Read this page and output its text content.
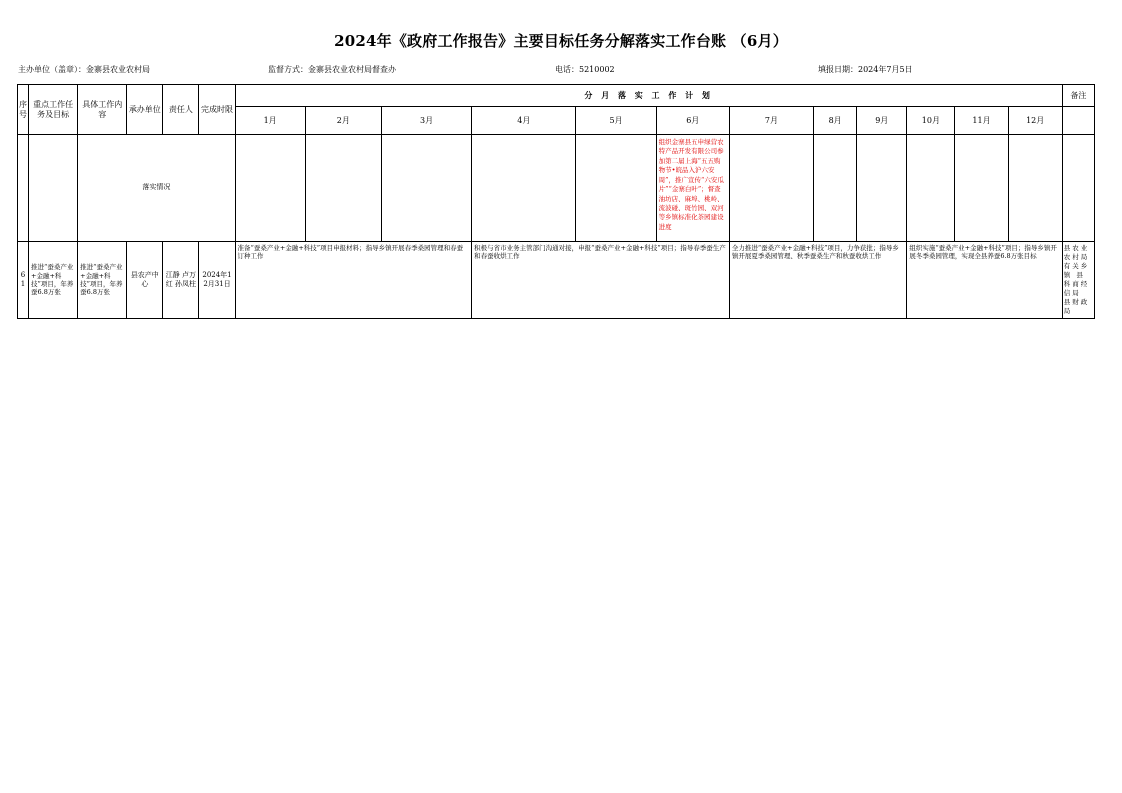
2024年《政府工作报告》主要目标任务分解落实工作台账 （6月）
主办单位（盖章）：金寨县农业农村局	监督方式：金寨县农业农村局督查办	电话：5210002	填报日期：2024年7月5日
序号	重点工作任务及目标	具体工作内容	承办单位	责任人	完成时限	分 月 落 实 工 作 计 划												备注
						1月	2月	3月	4月	5月	6月	7月	8月	9月	10月	11月	12月	
		落实情况									组织金寨县五申绿营农特产品开发有限公司参加第二届上海“五五购物节•皖品入沪六安周”，推广宣传“六安瓜片”“金寨白叶”；督查油坊店、麻埠、桃岭、流波碰、斑竹园、双河等乡镇标准化茶园建设进度							
61	推进“蚕桑产业+金融+科技”项目，年养蚕6.8万张	推进“蚕桑产业+金融+科技”项目，年养蚕6.8万张	县农产中心	江静 卢万红 孙凤柱	2024年12月31日	准备“蚕桑产业+金融+科技”项目申报材料；指导乡镇开展春季桑园管理和春蚕订种工作			积极与省市业务主管部门沟通对接，申报“蚕桑产业+金融+科技”项目；指导春季蚕生产和春蚕收烘工作			全力推进“蚕桑产业+金融+科技”项目，力争获批；指导乡镇开展夏季桑园管理、秋季蚕桑生产和秋蚕收烘工作			组织实施“蚕桑产业+金融+科技”项目；指导乡镇开展冬季桑园管理，实现全县养蚕6.8万张目标			县农业农村局 有关乡镇 县科商经信局 县财政局
